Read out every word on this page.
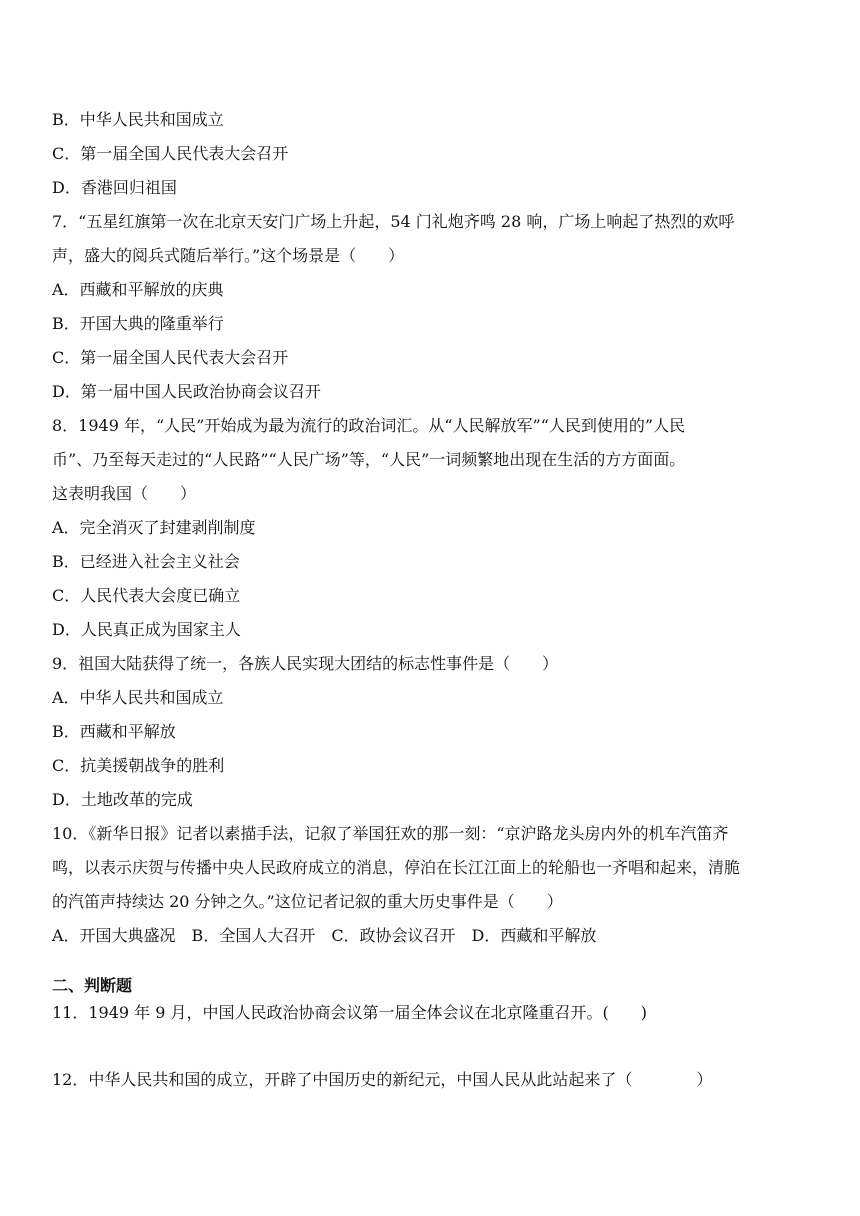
B．中华人民共和国成立
C．第一届全国人民代表大会召开
D．香港回归祖国
7．“五星红旗第一次在北京天安门广场上升起，54 门礼炮齐鸣 28 响，广场上响起了热烈的欢呼
声，盛大的阅兵式随后举行。”这个场景是（　　）
A．西藏和平解放的庆典
B．开国大典的隆重举行
C．第一届全国人民代表大会召开
D．第一届中国人民政治协商会议召开
8．1949 年，“人民”开始成为最为流行的政治词汇。从“人民解放军”“人民到使用的”人民
币”、乃至每天走过的“人民路”“人民广场”等，“人民”一词频繁地出现在生活的方方面面。
这表明我国（　　）
A．完全消灭了封建剥削制度
B．已经进入社会主义社会
C．人民代表大会度已确立
D．人民真正成为国家主人
9．祖国大陆获得了统一，各族人民实现大团结的标志性事件是（　　）
A．中华人民共和国成立
B．西藏和平解放
C．抗美援朝战争的胜利
D．土地改革的完成
10．《新华日报》记者以素描手法，记叙了举国狂欢的那一刻：“京沪路龙头房内外的机车汽笛齐
鸣，以表示庆贺与传播中央人民政府成立的消息，停泊在长江江面上的轮船也一齐唱和起来，清脆
的汽笛声持续达 20 分钟之久。”这位记者记叙的重大历史事件是（　　）
A．开国大典盛况　B．全国人大召开　C．政协会议召开　D．西藏和平解放
二、判断题
11．1949 年 9 月，中国人民政治协商会议第一届全体会议在北京隆重召开。(　　)
12．中华人民共和国的成立，开辟了中国历史的新纪元，中国人民从此站起来了（　　　　）
